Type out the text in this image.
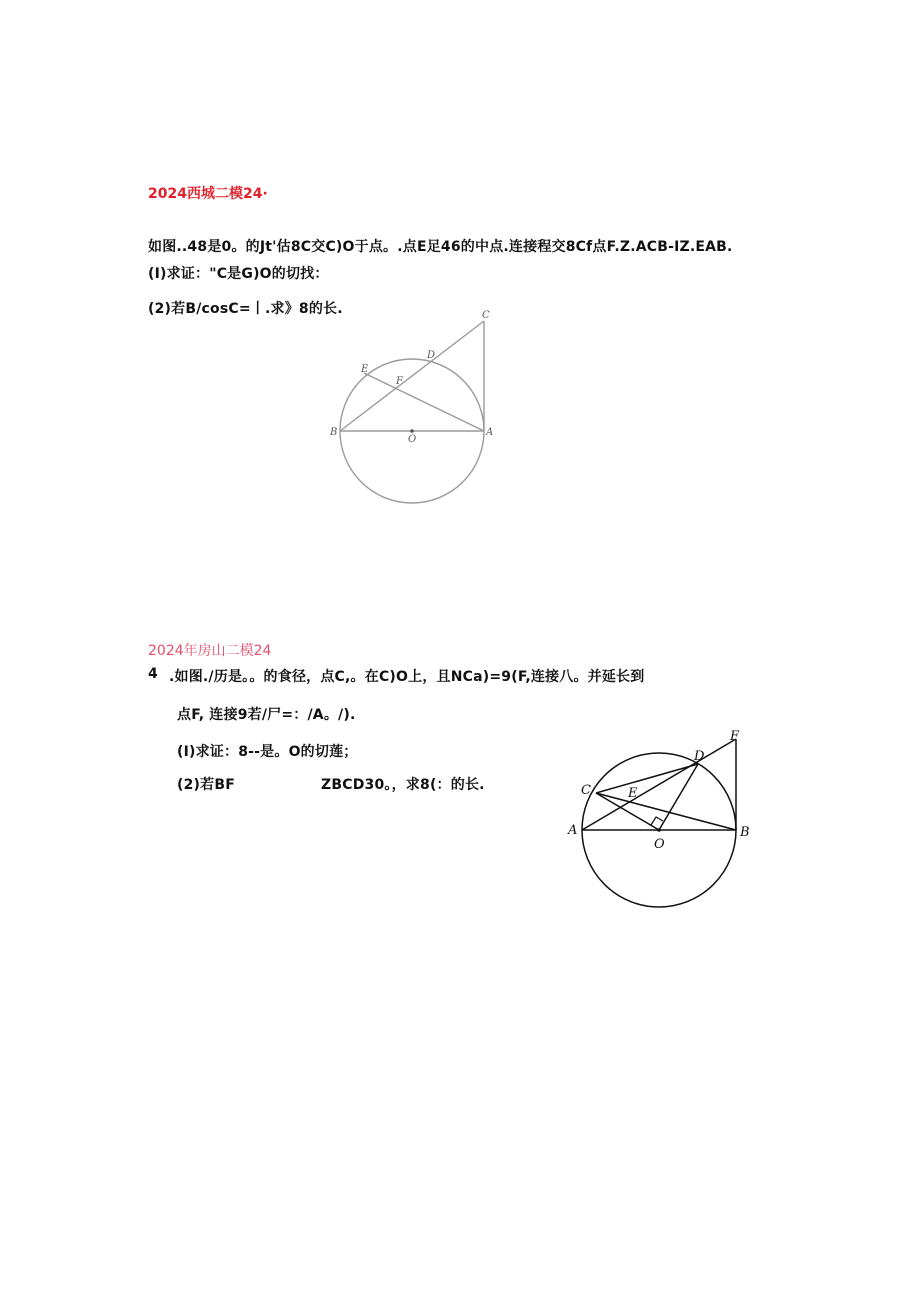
2024西城二模24·
如图..48是0。的Jt'估8C交C)O于点。.点E足46的中点.连接程交8Cf点F.Z.ACB-IZ.EAB.
(I)求证："C是G)O的切找：
(2)若B/cosC=丨.求》8的长.
B	A
O
C
D
E
F
2024年房山二模24
4 .如图./历是。。的食径，点C,。在C)O上，且NCa)=9(F,连接八。并延长到
点F, 连接9若/尸=：/A。/).
(I)求证：8--是。O的切莲；
(2)若BF	ZBCD30。，求8(：的长.
A	B
O
C
D
E
F
